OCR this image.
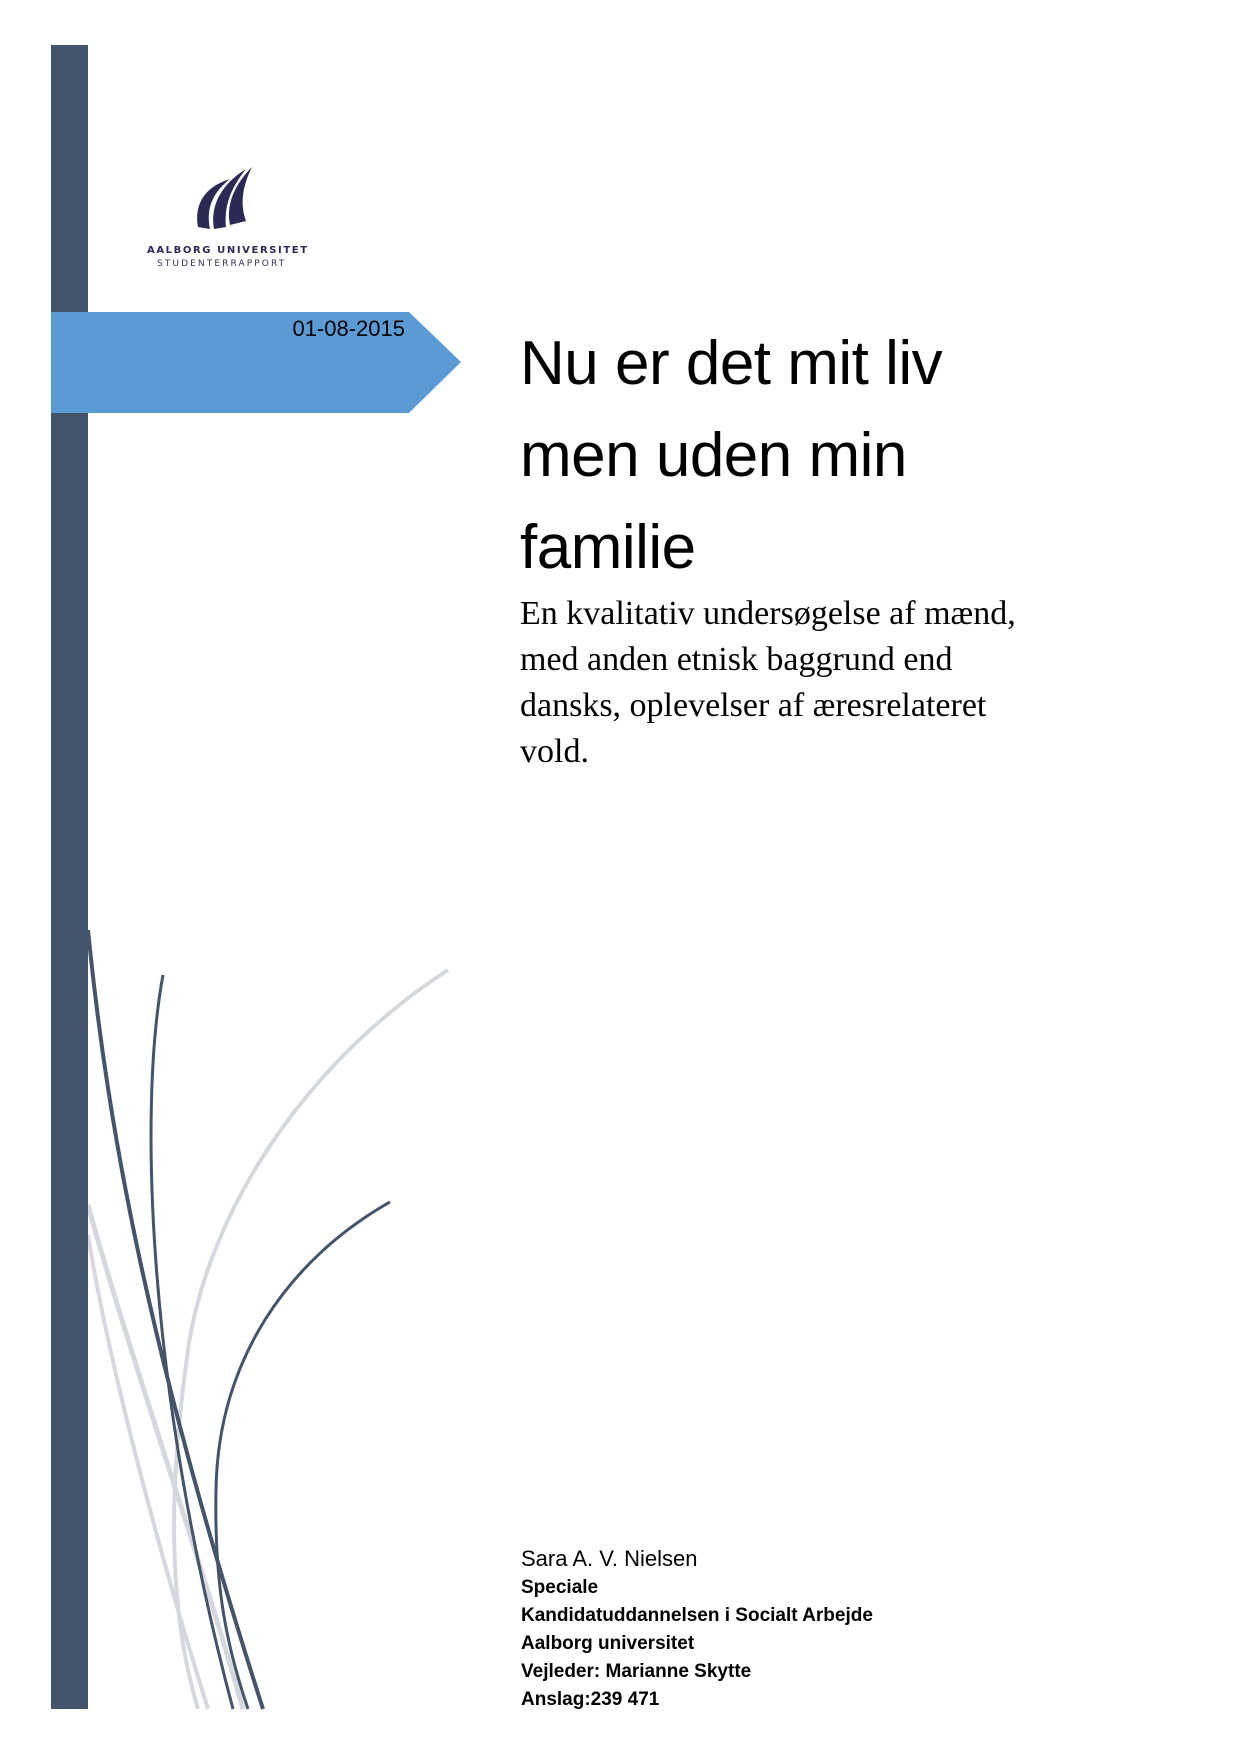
AALBORG UNIVERSITET
STUDENTERRAPPORT
01-08-2015
Nu er det mit liv
men uden min
familie
En kvalitativ undersøgelse af mænd,
med anden etnisk baggrund end
dansks, oplevelser af æresrelateret
vold.
Sara A. V. Nielsen
Speciale
Kandidatuddannelsen i Socialt Arbejde
Aalborg universitet
Vejleder: Marianne Skytte
Anslag:239 471
